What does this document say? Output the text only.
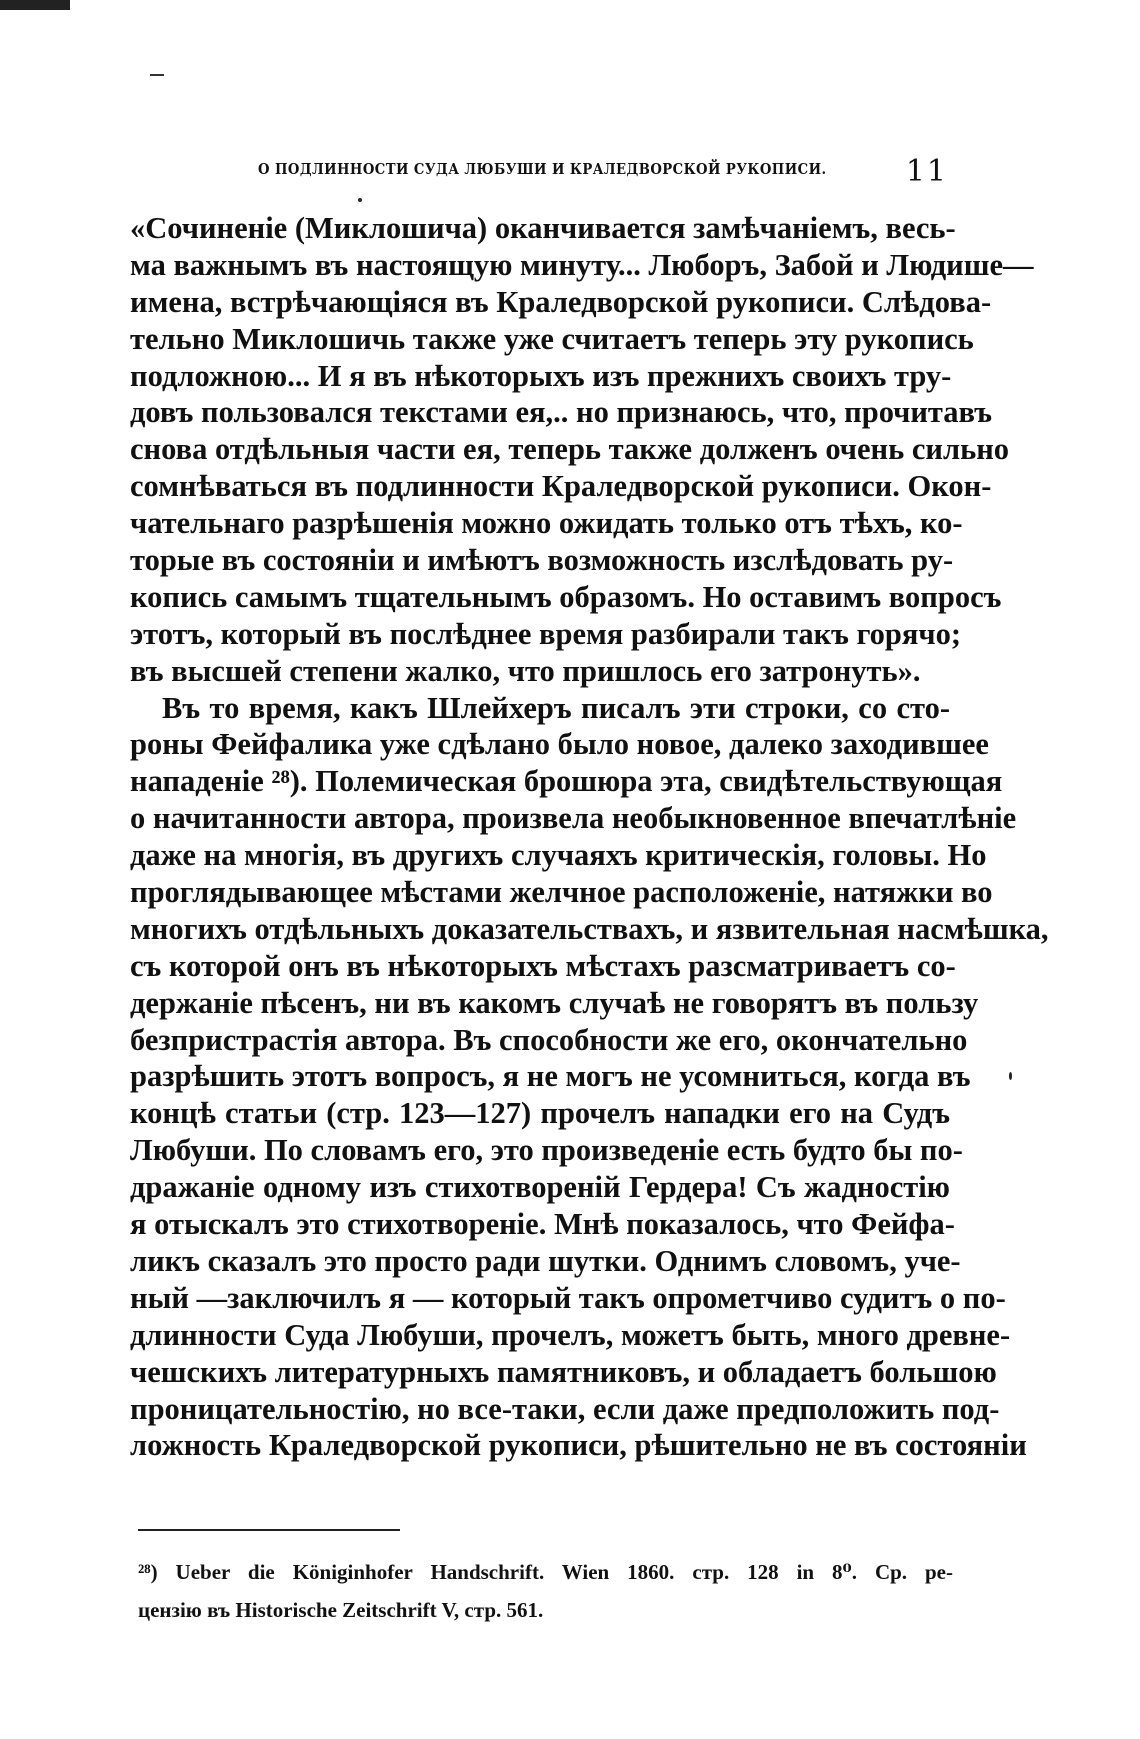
О ПОДЛИННОСТИ СУДА ЛЮБУШИ И КРАЛЕДВОРСКОЙ РУКОПИСИ.	11
«Сочиненіе (Миклошича) оканчивается замѣчаніемъ, весь-
ма важнымъ въ настоящую минуту... Люборъ, Забой и Людише—
имена, встрѣчающіяся въ Краледворской рукописи. Слѣдова-
тельно Миклошичь также уже считаетъ теперь эту рукопись
подложною... И я въ нѣкоторыхъ изъ прежнихъ своихъ тру-
довъ пользовался текстами ея,.. но признаюсь, что, прочитавъ
снова отдѣльныя части ея, теперь также долженъ очень сильно
сомнѣваться въ подлинности Краледворской рукописи. Окон-
чательнаго разрѣшенія можно ожидать только отъ тѣхъ, ко-
торые въ состояніи и имѣютъ возможность изслѣдовать ру-
копись самымъ тщательнымъ образомъ. Но оставимъ вопросъ
этотъ, который въ послѣднее время разбирали такъ горячо;
въ высшей степени жалко, что пришлось его затронуть».
Въ то время, какъ Шлейхеръ писалъ эти строки, со сто-
роны Фейфалика уже сдѣлано было новое, далеко заходившее
нападеніе ²⁸). Полемическая брошюра эта, свидѣтельствующая
о начитанности автора, произвела необыкновенное впечатлѣніе
даже на многія, въ другихъ случаяхъ критическія, головы. Но
проглядывающее мѣстами желчное расположеніе, натяжки во
многихъ отдѣльныхъ доказательствахъ, и язвительная насмѣшка,
съ которой онъ въ нѣкоторыхъ мѣстахъ разсматриваетъ со-
держаніе пѣсенъ, ни въ какомъ случаѣ не говорятъ въ пользу
безпристрастія автора. Въ способности же его, окончательно
разрѣшить этотъ вопросъ, я не могъ не усомниться, когда въ
концѣ статьи (стр. 123—127) прочелъ нападки его на Судъ
Любуши. По словамъ его, это произведеніе есть будто бы по-
дражаніе одному изъ стихотвореній Гердера! Съ жадностію
я отыскалъ это стихотвореніе. Мнѣ показалось, что Фейфа-
ликъ сказалъ это просто ради шутки. Однимъ словомъ, уче-
ный —заключилъ я — который такъ опрометчиво судитъ о по-
длинности Суда Любуши, прочелъ, можетъ быть, много древне-
чешскихъ литературныхъ памятниковъ, и обладаетъ большою
проницательностію, но все-таки, если даже предположить под-
ложность Краледворской рукописи, рѣшительно не въ состояніи
²⁸) Ueber die Königinhofer Handschrift. Wien 1860. стр. 128 in 8⁰. Ср. ре-
цензію въ Historische Zeitschrift V, стр. 561.
